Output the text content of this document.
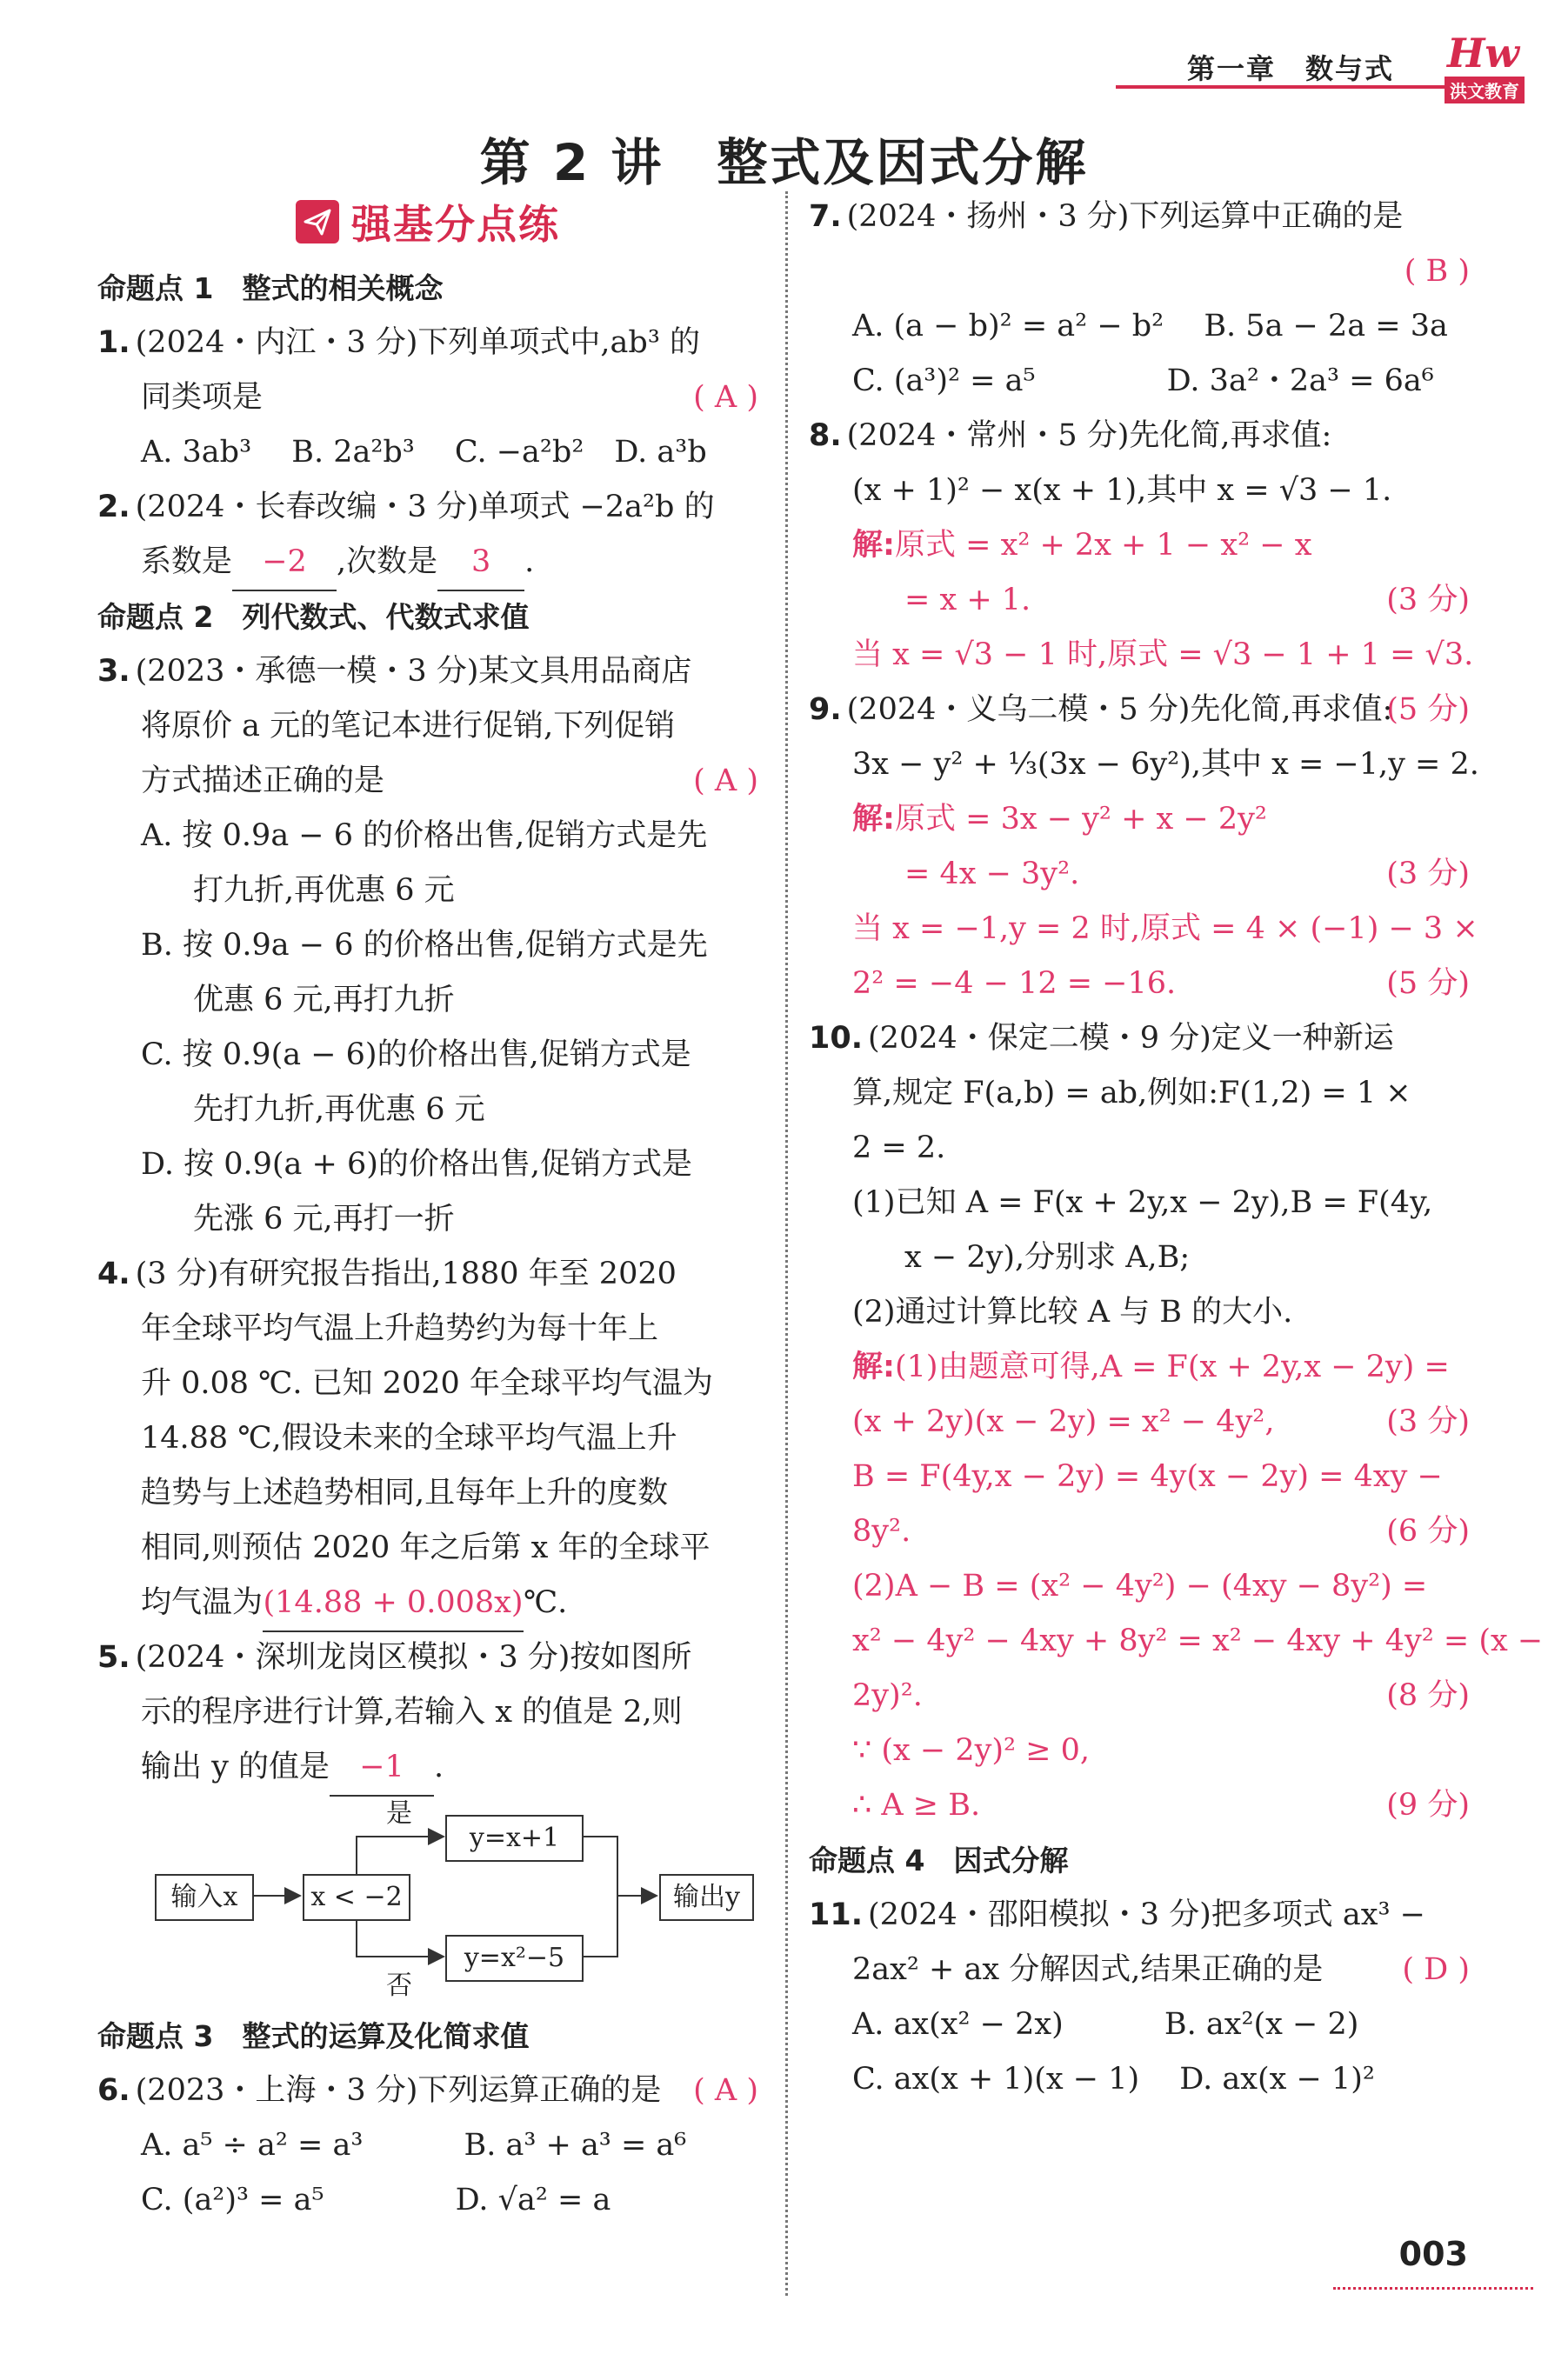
第一章　数与式 Hw
洪文教育
第 2 讲　整式及因式分解
强基分点练
命题点 1　整式的相关概念
1. (2024・内江・3 分)下列单项式中,ab³ 的
同类项是	( A )
A. 3ab³　 B. 2a²b³　 C. −a²b²　D. a³b
2. (2024・长春改编・3 分)单项式 −2a²b 的
系数是 −2 ,次数是 3 .
命题点 2　列代数式、代数式求值
3. (2023・承德一模・3 分)某文具用品商店
将原价 a 元的笔记本进行促销,下列促销
方式描述正确的是	( A )
A. 按 0.9a − 6 的价格出售,促销方式是先
打九折,再优惠 6 元
B. 按 0.9a − 6 的价格出售,促销方式是先
优惠 6 元,再打九折
C. 按 0.9(a − 6)的价格出售,促销方式是
先打九折,再优惠 6 元
D. 按 0.9(a + 6)的价格出售,促销方式是
先涨 6 元,再打一折
4. (3 分)有研究报告指出,1880 年至 2020
年全球平均气温上升趋势约为每十年上
升 0.08 ℃. 已知 2020 年全球平均气温为
14.88 ℃,假设未来的全球平均气温上升
趋势与上述趋势相同,且每年上升的度数
相同,则预估 2020 年之后第 x 年的全球平
均气温为(14.88 + 0.008x)℃.
5. (2024・深圳龙岗区模拟・3 分)按如图所
示的程序进行计算,若输入 x 的值是 2,则
输出 y 的值是 −1 .
输入x	x < −2
y=x+1
y=x²−5
输出y
是
否
命题点 3　整式的运算及化简求值
6. (2023・上海・3 分)下列运算正确的是 ( A )
A. a⁵ ÷ a² = a³　　　 B. a³ + a³ = a⁶
C. (a²)³ = a⁵　　　　 D. √a² = a
7. (2024・扬州・3 分)下列运算中正确的是
( B )
A. (a − b)² = a² − b²　 B. 5a − 2a = 3a
C. (a³)² = a⁵　　　　 D. 3a²・2a³ = 6a⁶
8. (2024・常州・5 分)先化简,再求值:
(x + 1)² − x(x + 1),其中 x = √3 − 1.
解:原式 = x² + 2x + 1 − x² − x
= x + 1.	(3 分)
当 x = √3 − 1 时,原式 = √3 − 1 + 1 = √3.
(5 分)
9. (2024・义乌二模・5 分)先化简,再求值:
3x − y² + ⅓(3x − 6y²),其中 x = −1,y = 2.
解:原式 = 3x − y² + x − 2y²
= 4x − 3y².	(3 分)
当 x = −1,y = 2 时,原式 = 4 × (−1) − 3 ×
2² = −4 − 12 = −16.	(5 分)
10. (2024・保定二模・9 分)定义一种新运
算,规定 F(a,b) = ab,例如:F(1,2) = 1 ×
2 = 2.
(1)已知 A = F(x + 2y,x − 2y),B = F(4y,
x − 2y),分别求 A,B;
(2)通过计算比较 A 与 B 的大小.
解:(1)由题意可得,A = F(x + 2y,x − 2y) =
(x + 2y)(x − 2y) = x² − 4y²,	(3 分)
B = F(4y,x − 2y) = 4y(x − 2y) = 4xy −
8y².	(6 分)
(2)A − B = (x² − 4y²) − (4xy − 8y²) =
x² − 4y² − 4xy + 8y² = x² − 4xy + 4y² = (x −
2y)².	(8 分)
∵ (x − 2y)² ≥ 0,
∴ A ≥ B.	(9 分)
命题点 4　因式分解
11. (2024・邵阳模拟・3 分)把多项式 ax³ −
2ax² + ax 分解因式,结果正确的是	( D )
A. ax(x² − 2x)　　　 B. ax²(x − 2)
C. ax(x + 1)(x − 1)　 D. ax(x − 1)²
003
